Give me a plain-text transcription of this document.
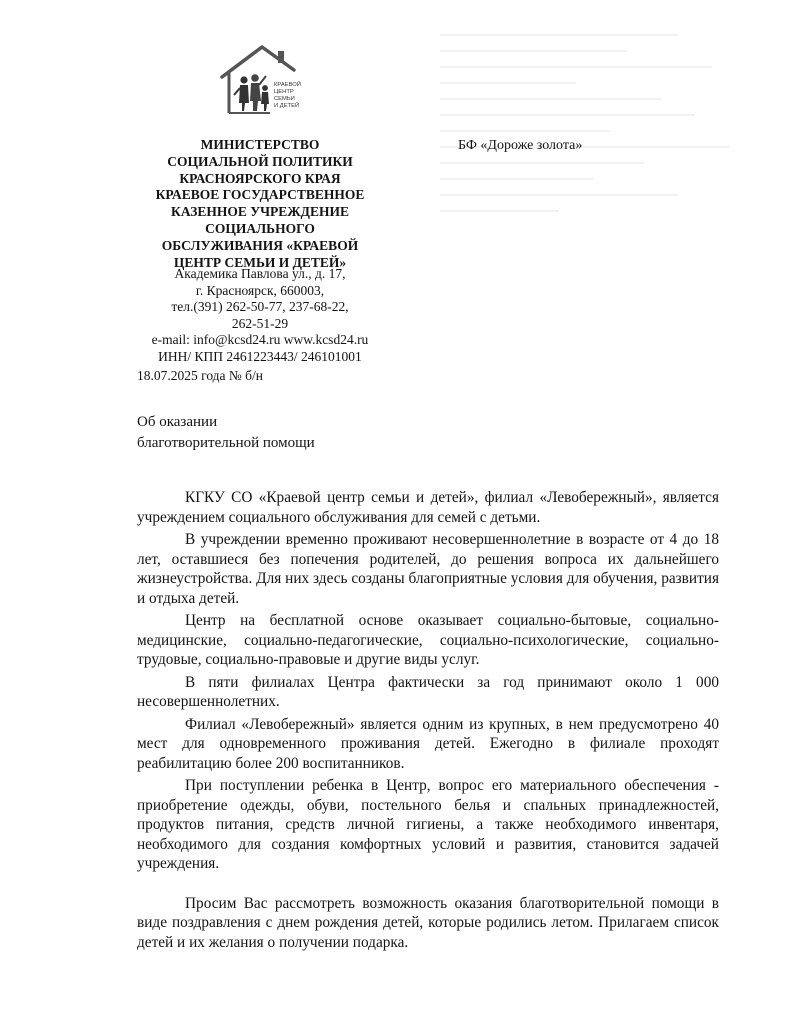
КРАЕВОЙ
ЦЕНТР
СЕМЬИ
И ДЕТЕЙ
МИНИСТЕРСТВО
СОЦИАЛЬНОЙ ПОЛИТИКИ
КРАСНОЯРСКОГО КРАЯ
КРАЕВОЕ ГОСУДАРСТВЕННОЕ
КАЗЕННОЕ УЧРЕЖДЕНИЕ
СОЦИАЛЬНОГО
ОБСЛУЖИВАНИЯ «КРАЕВОЙ
ЦЕНТР СЕМЬИ И ДЕТЕЙ»
Академика Павлова ул., д. 17,
г. Красноярск, 660003,
тел.(391) 262-50-77, 237-68-22,
262-51-29
e-mail: info@kcsd24.ru www.kcsd24.ru
ИНН/ КПП 2461223443/ 246101001
18.07.2025 года № б/н
БФ «Дороже золота»
Об оказании
благотворительной помощи

КГКУ СО «Краевой центр семьи и детей», филиал «Левобережный», является учреждением социального обслуживания для семей с детьми.

В учреждении временно проживают несовершеннолетние в возрасте от 4 до 18 лет, оставшиеся без попечения родителей, до решения вопроса их дальнейшего жизнеустройства. Для них здесь созданы благоприятные условия для обучения, развития и отдыха детей.

Центр на бесплатной основе оказывает социально-бытовые, социально-медицинские, социально-педагогические, социально-психологические, социально-трудовые, социально-правовые и другие виды услуг.

В пяти филиалах Центра фактически за год принимают около 1 000 несовершеннолетних.

Филиал «Левобережный» является одним из крупных, в нем предусмотрено 40 мест для одновременного проживания детей. Ежегодно в филиале проходят реабилитацию более 200 воспитанников.

При поступлении ребенка в Центр, вопрос его материального обеспечения - приобретение одежды, обуви, постельного белья и спальных принадлежностей, продуктов питания, средств личной гигиены, а также необходимого инвентаря, необходимого для создания комфортных условий и развития, становится задачей учреждения.

Просим Вас рассмотреть возможность оказания благотворительной помощи в виде поздравления с днем рождения детей, которые родились летом. Прилагаем список детей и их желания о получении подарка.
